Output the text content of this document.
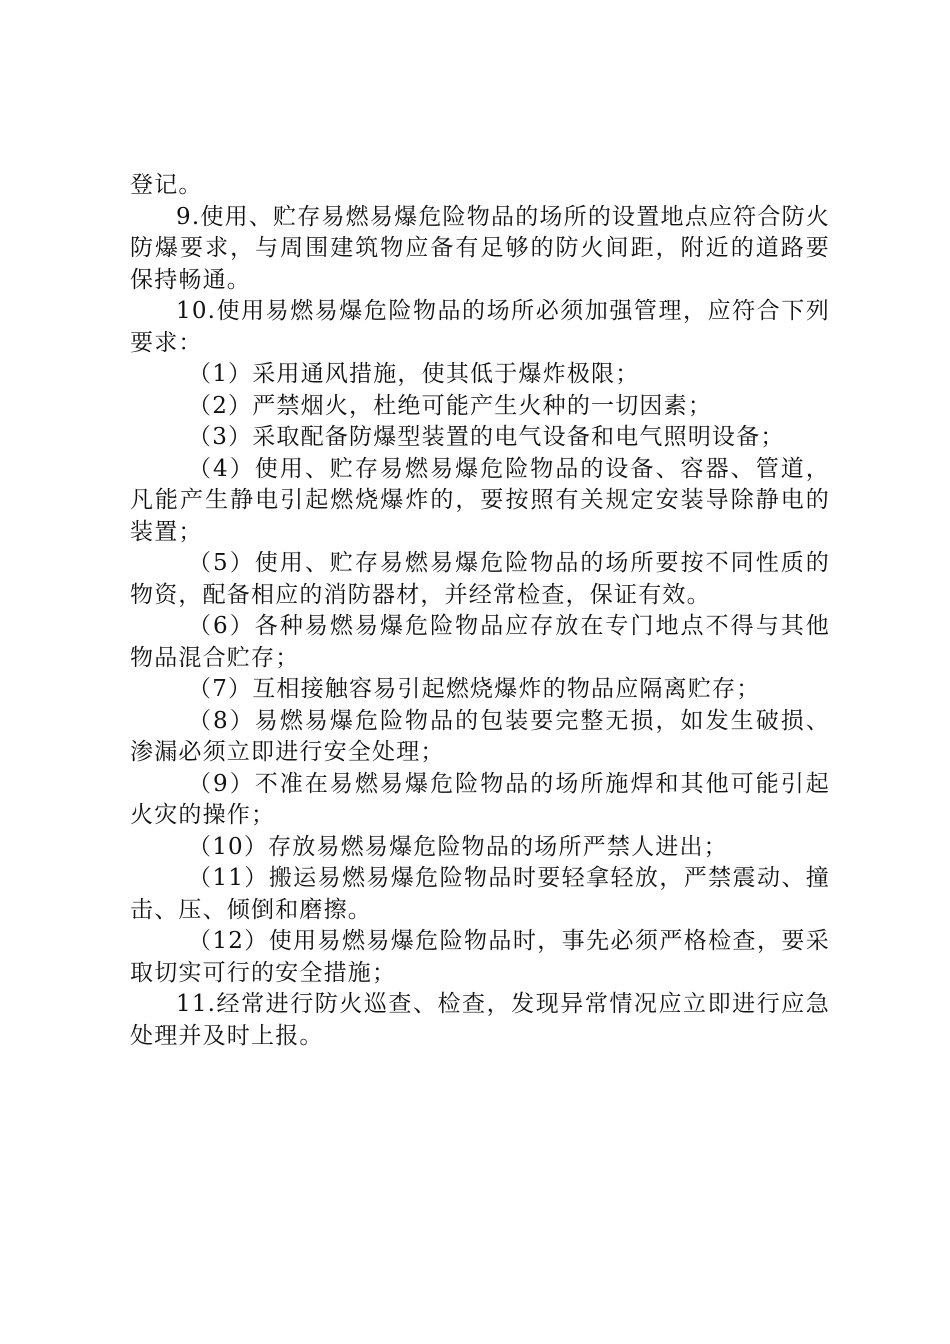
登记。

9.使用、贮存易燃易爆危险物品的场所的设置地点应符合防火防爆要求，与周围建筑物应备有足够的防火间距，附近的道路要保持畅通。

10.使用易燃易爆危险物品的场所必须加强管理，应符合下列要求：

（1）采用通风措施，使其低于爆炸极限；

（2）严禁烟火，杜绝可能产生火种的一切因素；

（3）采取配备防爆型装置的电气设备和电气照明设备；

（4）使用、贮存易燃易爆危险物品的设备、容器、管道，凡能产生静电引起燃烧爆炸的，要按照有关规定安装导除静电的装置；

（5）使用、贮存易燃易爆危险物品的场所要按不同性质的物资，配备相应的消防器材，并经常检查，保证有效。

（6）各种易燃易爆危险物品应存放在专门地点不得与其他物品混合贮存；

（7）互相接触容易引起燃烧爆炸的物品应隔离贮存；

（8）易燃易爆危险物品的包装要完整无损，如发生破损、渗漏必须立即进行安全处理；

（9）不准在易燃易爆危险物品的场所施焊和其他可能引起火灾的操作；

（10）存放易燃易爆危险物品的场所严禁人进出；

（11）搬运易燃易爆危险物品时要轻拿轻放，严禁震动、撞击、压、倾倒和磨擦。

（12）使用易燃易爆危险物品时，事先必须严格检查，要采取切实可行的安全措施；

11.经常进行防火巡查、检查，发现异常情况应立即进行应急处理并及时上报。
